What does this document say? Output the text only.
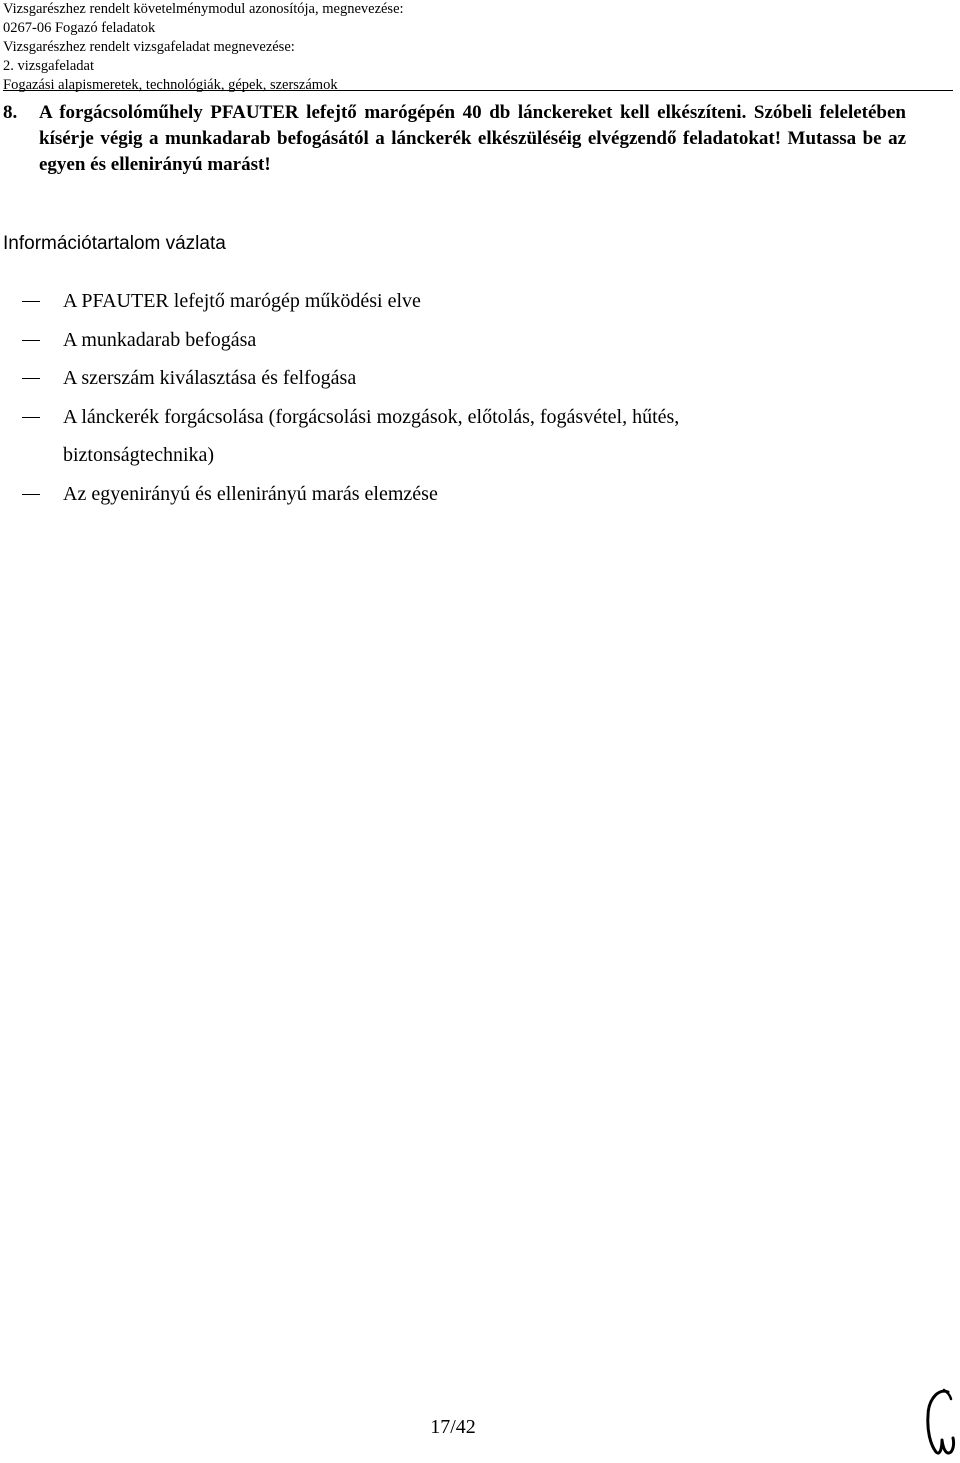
Vizsgarészhez rendelt követelménymodul azonosítója, megnevezése:
0267-06 Fogazó feladatok
Vizsgarészhez rendelt vizsgafeladat megnevezése:
2. vizsgafeladat
Fogazási alapismeretek, technológiák, gépek, szerszámok
8.	A forgácsolóműhely PFAUTER lefejtő marógépén 40 db lánckereket kell elkészíteni. Szóbeli feleletében kísérje végig a munkadarab befogásától a lánckerék elkészüléséig elvégzendő feladatokat! Mutassa be az egyen és ellenirányú marást!
Információtartalom vázlata
A PFAUTER lefejtő marógép működési elve
A munkadarab befogása
A szerszám kiválasztása és felfogása
A lánckerék forgácsolása (forgácsolási mozgások, előtolás, fogásvétel, hűtés, biztonságtechnika)
Az egyenirányú és ellenirányú marás elemzése
17/42
